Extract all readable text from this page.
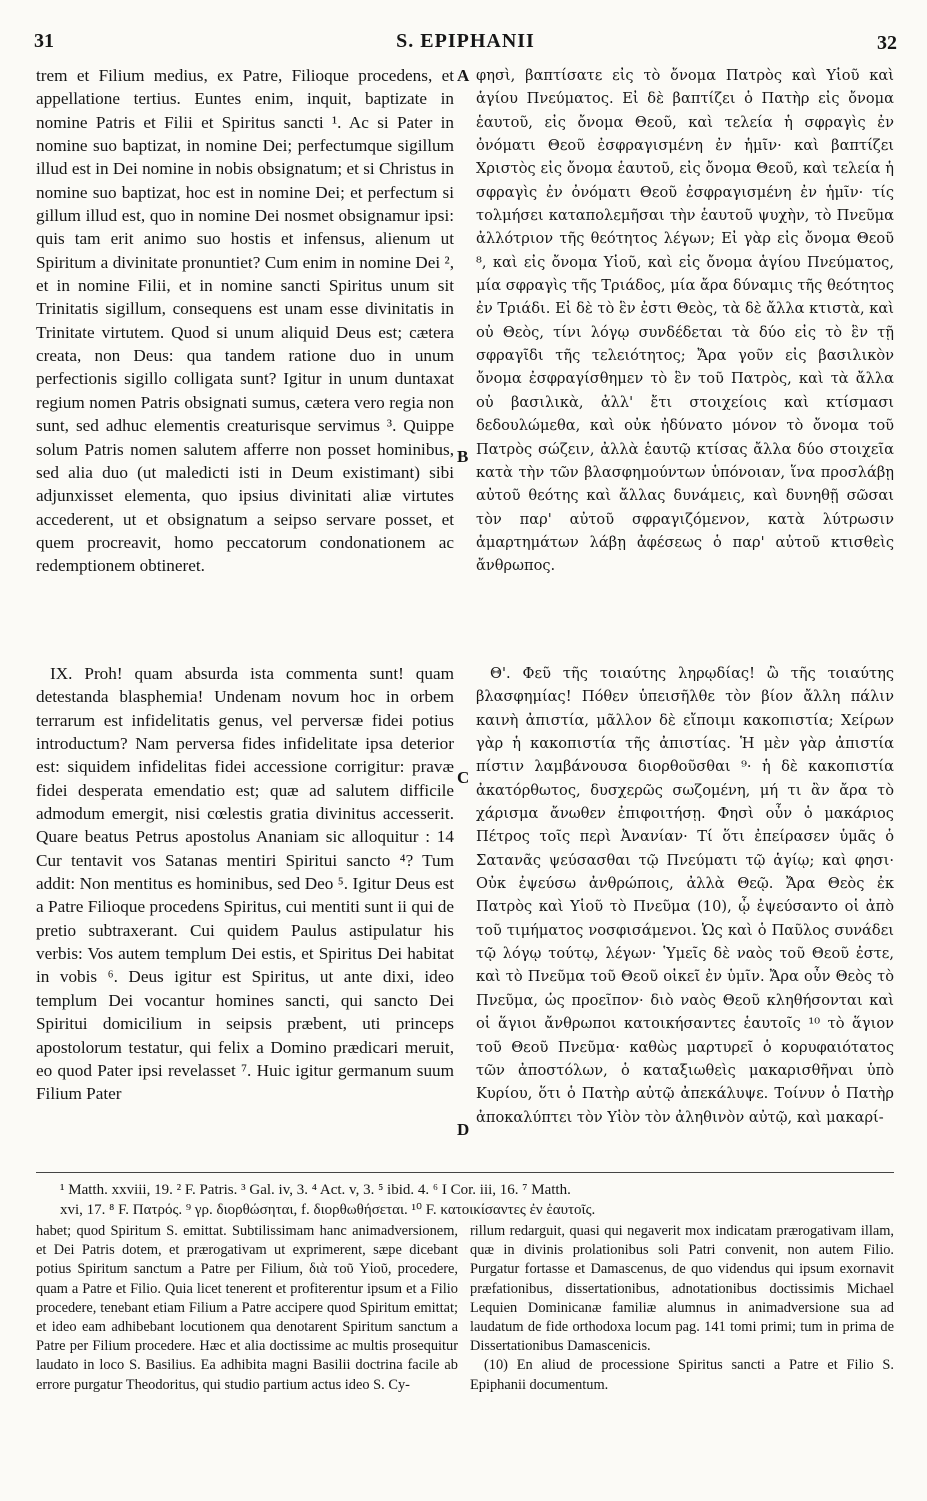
31	S. EPIPHANII	32

trem et Filium medius, ex Patre, Filioque procedens, et appellatione tertius. Euntes enim, inquit, baptizate in nomine Patris et Filii et Spiritus sancti ¹. Ac si Pater in nomine suo baptizat, in nomine Dei; perfectumque sigillum illud est in Dei nomine in nobis obsignatum; et si Christus in nomine suo baptizat, hoc est in nomine Dei; et perfectum si gillum illud est, quo in nomine Dei nosmet obsignamur ipsi: quis tam erit animo suo hostis et infensus, alienum ut Spiritum a divinitate pronuntiet? Cum enim in nomine Dei ², et in nomine Filii, et in nomine sancti Spiritus unum sit Trinitatis sigillum, consequens est unam esse divinitatis in Trinitate virtutem. Quod si unum aliquid Deus est; cætera creata, non Deus: qua tandem ratione duo in unum perfectionis sigillo colligata sunt? Igitur in unum duntaxat regium nomen Patris obsignati sumus, cætera vero regia non sunt, sed adhuc elementis creaturisque servimus ³. Quippe solum Patris nomen salutem afferre non posset hominibus, sed alia duo (ut maledicti isti in Deum existimant) sibi adjunxisset elementa, quo ipsius divinitati aliæ virtutes accederent, ut et obsignatum a seipso servare posset, et quem procreavit, homo peccatorum condonationem ac redemptionem obtineret.

IX. Proh! quam absurda ista commenta sunt! quam detestanda blasphemia! Undenam novum hoc in orbem terrarum est infidelitatis genus, vel perversæ fidei potius introductum? Nam perversa fides infidelitate ipsa deterior est: siquidem infidelitas fidei accessione corrigitur: pravæ fidei desperata emendatio est; quæ ad salutem difficile admodum emergit, nisi cœlestis gratia divinitus accesserit. Quare beatus Petrus apostolus Ananiam sic alloquitur : 14 Cur tentavit vos Satanas mentiri Spiritui sancto ⁴? Tum addit: Non mentitus es hominibus, sed Deo ⁵. Igitur Deus est a Patre Filioque procedens Spiritus, cui mentiti sunt ii qui de pretio subtraxerant. Cui quidem Paulus astipulatur his verbis: Vos autem templum Dei estis, et Spiritus Dei habitat in vobis ⁶. Deus igitur est Spiritus, ut ante dixi, ideo templum Dei vocantur homines sancti, qui sancto Dei Spiritui domicilium in seipsis præbent, uti princeps apostolorum testatur, qui felix a Domino prædicari meruit, eo quod Pater ipsi revelasset ⁷. Huic igitur germanum suum Filium Pater

φησὶ, βαπτίσατε εἰς τὸ ὄνομα Πατρὸς καὶ Υἱοῦ καὶ ἁγίου Πνεύματος. Εἰ δὲ βαπτίζει ὁ Πατὴρ εἰς ὄνομα ἑαυτοῦ, εἰς ὄνομα Θεοῦ, καὶ τελεία ἡ σφραγὶς ἐν ὀνόματι Θεοῦ ἐσφραγισμένη ἐν ἡμῖν· καὶ βαπτίζει Χριστὸς εἰς ὄνομα ἑαυτοῦ, εἰς ὄνομα Θεοῦ, καὶ τελεία ἡ σφραγὶς ἐν ὀνόματι Θεοῦ ἐσφραγισμένη ἐν ἡμῖν· τίς τολμήσει καταπολεμῆσαι τὴν ἑαυτοῦ ψυχὴν, τὸ Πνεῦμα ἀλλότριον τῆς θεότητος λέγων; Εἰ γὰρ εἰς ὄνομα Θεοῦ ⁸, καὶ εἰς ὄνομα Υἱοῦ, καὶ εἰς ὄνομα ἁγίου Πνεύματος, μία σφραγὶς τῆς Τριάδος, μία ἄρα δύναμις τῆς θεότητος ἐν Τριάδι. Εἰ δὲ τὸ ἓν ἐστι Θεὸς, τὰ δὲ ἄλλα κτιστὰ, καὶ οὐ Θεὸς, τίνι λόγῳ συνδέδεται τὰ δύο εἰς τὸ ἓν τῇ σφραγῖδι τῆς τελειότητος; Ἄρα γοῦν εἰς βασιλικὸν ὄνομα ἐσφραγίσθημεν τὸ ἓν τοῦ Πατρὸς, καὶ τὰ ἄλλα οὐ βασιλικὰ, ἀλλ' ἔτι στοιχείοις καὶ κτίσμασι δεδουλώμεθα, καὶ οὐκ ἠδύνατο μόνον τὸ ὄνομα τοῦ Πατρὸς σώζειν, ἀλλὰ ἑαυτῷ κτίσας ἄλλα δύο στοιχεῖα κατὰ τὴν τῶν βλασφημούντων ὑπόνοιαν, ἵνα προσλάβῃ αὐτοῦ θεότης καὶ ἄλλας δυνάμεις, καὶ δυνηθῇ σῶσαι τὸν παρ' αὐτοῦ σφραγιζόμενον, κατὰ λύτρωσιν ἁμαρτημάτων λάβῃ ἀφέσεως ὁ παρ' αὐτοῦ κτισθεὶς ἄνθρωπος.

Θ'. Φεῦ τῆς τοιαύτης ληρῳδίας! ὢ τῆς τοιαύτης βλασφημίας! Πόθεν ὑπεισῆλθε τὸν βίον ἄλλη πάλιν καινὴ ἀπιστία, μᾶλλον δὲ εἴποιμι κακοπιστία; Χείρων γὰρ ἡ κακοπιστία τῆς ἀπιστίας. Ἡ μὲν γὰρ ἀπιστία πίστιν λαμβάνουσα διορθοῦσθαι ⁹· ἡ δὲ κακοπιστία ἀκατόρθωτος, δυσχερῶς σωζομένη, μή τι ἂν ἄρα τὸ χάρισμα ἄνωθεν ἐπιφοιτήσῃ. Φησὶ οὖν ὁ μακάριος Πέτρος τοῖς περὶ Ἀνανίαν· Τί ὅτι ἐπείρασεν ὑμᾶς ὁ Σατανᾶς ψεύσασθαι τῷ Πνεύματι τῷ ἁγίῳ; καὶ φησι· Οὐκ ἐψεύσω ἀνθρώποις, ἀλλὰ Θεῷ. Ἄρα Θεὸς ἐκ Πατρὸς καὶ Υἱοῦ τὸ Πνεῦμα (10), ᾧ ἐψεύσαντο οἱ ἀπὸ τοῦ τιμήματος νοσφισάμενοι. Ὡς καὶ ὁ Παῦλος συνάδει τῷ λόγῳ τούτῳ, λέγων· Ὑμεῖς δὲ ναὸς τοῦ Θεοῦ ἐστε, καὶ τὸ Πνεῦμα τοῦ Θεοῦ οἰκεῖ ἐν ὑμῖν. Ἄρα οὖν Θεὸς τὸ Πνεῦμα, ὡς προεῖπον· διὸ ναὸς Θεοῦ κληθήσονται καὶ οἱ ἅγιοι ἄνθρωποι κατοικήσαντες ἑαυτοῖς ¹⁰ τὸ ἅγιον τοῦ Θεοῦ Πνεῦμα· καθὼς μαρτυρεῖ ὁ κορυφαιότατος τῶν ἀποστόλων, ὁ καταξιωθεὶς μακαρισθῆναι ὑπὸ Κυρίου, ὅτι ὁ Πατὴρ αὐτῷ ἀπεκάλυψε. Τοίνυν ὁ Πατὴρ ἀποκαλύπτει τὸν Υἱὸν τὸν ἀληθινὸν αὐτῷ, καὶ μακαρί-

A
B
C
D
¹ Matth. xxviii, 19. ² F. Patris. ³ Gal. iv, 3. ⁴ Act. v, 3. ⁵ ibid. 4. ⁶ I Cor. iii, 16. ⁷ Matth.
xvi, 17. ⁸ F. Πατρός. ⁹ γρ. διορθώσηται, f. διορθωθήσεται. ¹⁰ F. κατοικίσαντες ἐν ἑαυτοῖς.

habet; quod Spiritum S. emittat. Subtilissimam hanc animadversionem, et Dei Patris dotem, et prærogativam ut exprimerent, sæpe dicebant potius Spiritum sanctum a Patre per Filium, διὰ τοῦ Υἱοῦ, procedere, quam a Patre et Filio. Quia licet tenerent et profiterentur ipsum et a Filio procedere, tenebant etiam Filium a Patre accipere quod Spiritum emittat; et ideo eam adhibebant locutionem qua denotarent Spiritum sanctum a Patre per Filium procedere. Hæc et alia doctissime ac multis prosequitur laudato in loco S. Basilius. Ea adhibita magni Basilii doctrina facile ab errore purgatur Theodoritus, qui studio partium actus ideo S. Cy-

rillum redarguit, quasi qui negaverit mox indicatam prærogativam illam, quæ in divinis prolationibus soli Patri convenit, non autem Filio. Purgatur fortasse et Damascenus, de quo videndus qui ipsum exornavit præfationibus, dissertationibus, adnotationibus doctissimis Michael Lequien Dominicanæ familiæ alumnus in animadversione sua ad laudatum de fide orthodoxa locum pag. 141 tomi primi; tum in prima de Dissertationibus Damascenicis.

(10) En aliud de processione Spiritus sancti a Patre et Filio S. Epiphanii documentum.
